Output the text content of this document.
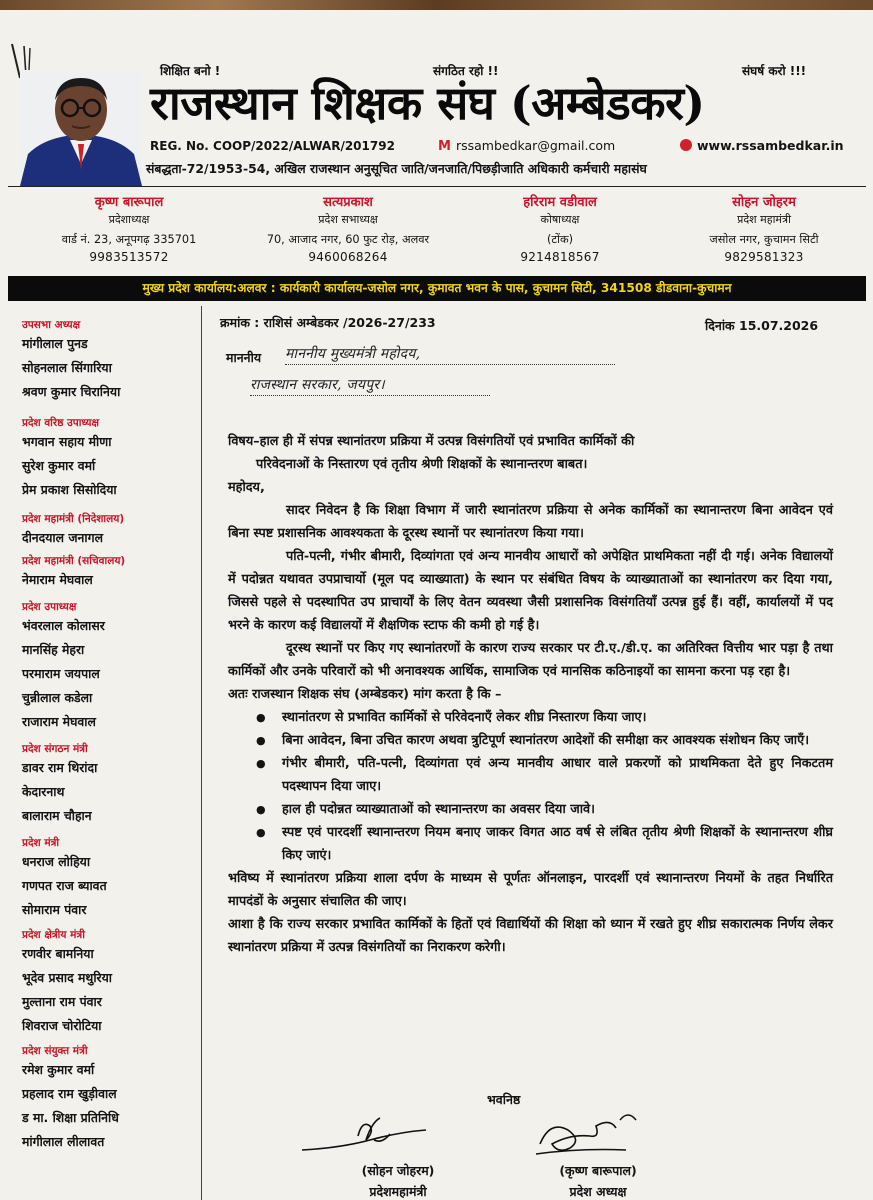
शिक्षित बनो !	संगठित रहो !!	संघर्ष करो !!!
राजस्थान शिक्षक संघ (अम्बेडकर)
REG. No. COOP/2022/ALWAR/201792	M rssambedkar@gmail.com	www.rssambedkar.in
संबद्धता-72/1953-54, अखिल राजस्थान अनुसूचित जाति/जनजाति/पिछड़ीजाति अधिकारी कर्मचारी महासंघ
कृष्ण बारूपाल
प्रदेशाध्यक्ष
वार्ड नं. 23, अनूपगढ़ 335701
9983513572
सत्यप्रकाश
प्रदेश सभाध्यक्ष
70, आजाद नगर, 60 फुट रोड़, अलवर
9460068264
हरिराम वडीवाल
कोषाध्यक्ष
(टोंक)
9214818567
सोहन जोहरम
प्रदेश महामंत्री
जसोल नगर, कुचामन सिटी
9829581323
मुख्य प्रदेश कार्यालय:अलवर : कार्यकारी कार्यालय-जसोल नगर, कुमावत भवन के पास, कुचामन सिटी, 341508 डीडवाना-कुचामन
उपसभा अध्यक्ष
मांगीलाल पुनड
सोहनलाल सिंगारिया
श्रवण कुमार चिरानिया
प्रदेश वरिष्ठ उपाध्यक्ष
भगवान सहाय मीणा
सुरेश कुमार वर्मा
प्रेम प्रकाश सिसोदिया
प्रदेश महामंत्री (निदेशालय)
दीनदयाल जनागल
प्रदेश महामंत्री (सचिवालय)
नेमाराम मेघवाल
प्रदेश उपाध्यक्ष
भंवरलाल कोलासर
मानसिंह मेहरा
परमाराम जयपाल
चुन्नीलाल कडेला
राजाराम मेघवाल
प्रदेश संगठन मंत्री
डावर राम थिरांदा
केदारनाथ
बालाराम चौहान
प्रदेश मंत्री
धनराज लोहिया
गणपत राज ब्यावत
सोमाराम पंवार
प्रदेश क्षेत्रीय मंत्री
रणवीर बामनिया
भूदेव प्रसाद मथुरिया
मुल्ताना राम पंवार
शिवराज चोरोटिया
प्रदेश संयुक्त मंत्री
रमेश कुमार वर्मा
प्रहलाद राम खुड़ीवाल
ड मा. शिक्षा प्रतिनिधि
मांगीलाल लीलावत
क्रमांक : राशिसं अम्बेडकर /2026-27/233	दिनांक 15.07.2026
माननीय माननीय मुख्यमंत्री महोदय,
राजस्थान सरकार, जयपुर।

विषय–हाल ही में संपन्न स्थानांतरण प्रक्रिया में उत्पन्न विसंगतियों एवं प्रभावित कार्मिकों की

परिवेदनाओं के निस्तारण एवं तृतीय श्रेणी शिक्षकों के स्थानान्तरण बाबत।

महोदय,

सादर निवेदन है कि शिक्षा विभाग में जारी स्थानांतरण प्रक्रिया से अनेक कार्मिकों का स्थानान्तरण बिना आवेदन एवं बिना स्पष्ट प्रशासनिक आवश्यकता के दूरस्थ स्थानों पर स्थानांतरण किया गया।

पति-पत्नी, गंभीर बीमारी, दिव्यांगता एवं अन्य मानवीय आधारों को अपेक्षित प्राथमिकता नहीं दी गई। अनेक विद्यालयों में पदोन्नत यथावत उपप्राचार्यो (मूल पद व्याख्याता) के स्थान पर संबंधित विषय के व्याख्याताओं का स्थानांतरण कर दिया गया, जिससे पहले से पदस्थापित उप प्राचार्यों के लिए वेतन व्यवस्था जैसी प्रशासनिक विसंगतियाँ उत्पन्न हुई हैं। वहीं, कार्यालयों में पद भरने के कारण कई विद्यालयों में शैक्षणिक स्टाफ की कमी हो गई है।

दूरस्थ स्थानों पर किए गए स्थानांतरणों के कारण राज्य सरकार पर टी.ए./डी.ए. का अतिरिक्त वित्तीय भार पड़ा है तथा कार्मिकों और उनके परिवारों को भी अनावश्यक आर्थिक, सामाजिक एवं मानसिक कठिनाइयों का सामना करना पड़ रहा है।

अतः राजस्थान शिक्षक संघ (अम्बेडकर) मांग करता है कि –

● स्थानांतरण से प्रभावित कार्मिकों से परिवेदनाएँ लेकर शीघ्र निस्तारण किया जाए।
● बिना आवेदन, बिना उचित कारण अथवा त्रुटिपूर्ण स्थानांतरण आदेशों की समीक्षा कर आवश्यक संशोधन किए जाएँ।
● गंभीर बीमारी, पति-पत्नी, दिव्यांगता एवं अन्य मानवीय आधार वाले प्रकरणों को प्राथमिकता देते हुए निकटतम पदस्थापन दिया जाए।
● हाल ही पदोन्नत व्याख्याताओं को स्थानान्तरण का अवसर दिया जावे।
● स्पष्ट एवं पारदर्शी स्थानान्तरण नियम बनाए जाकर विगत आठ वर्ष से लंबित तृतीय श्रेणी शिक्षकों के स्थानान्तरण शीघ्र किए जाएं।

भविष्य में स्थानांतरण प्रक्रिया शाला दर्पण के माध्यम से पूर्णतः ऑनलाइन, पारदर्शी एवं स्थानान्तरण नियमों के तहत निर्धारित मापदंडों के अनुसार संचालित की जाए।

आशा है कि राज्य सरकार प्रभावित कार्मिकों के हितों एवं विद्यार्थियों की शिक्षा को ध्यान में रखते हुए शीघ्र सकारात्मक निर्णय लेकर स्थानांतरण प्रक्रिया में उत्पन्न विसंगतियों का निराकरण करेगी।

भवनिष्ठ
(सोहन जोहरम)
प्रदेशमहामंत्री
(कृष्ण बारूपाल)
प्रदेश अध्यक्ष
